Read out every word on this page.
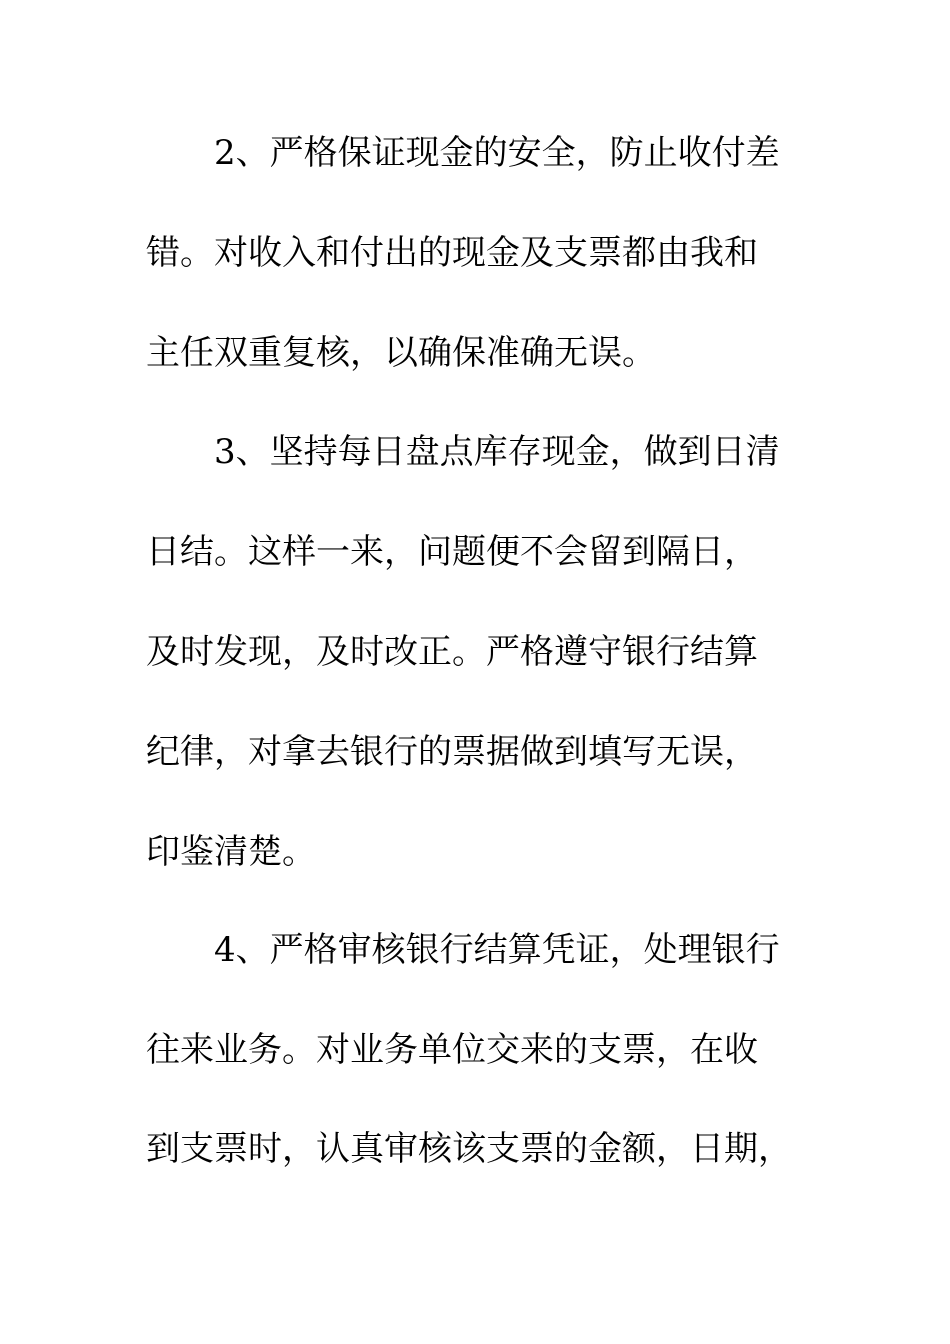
2、严格保证现金的安全，防止收付差
错。对收入和付出的现金及支票都由我和
主任双重复核，以确保准确无误。
3、坚持每日盘点库存现金，做到日清
日结。这样一来，问题便不会留到隔日，
及时发现，及时改正。严格遵守银行结算
纪律，对拿去银行的票据做到填写无误，
印鉴清楚。
4、严格审核银行结算凭证，处理银行
往来业务。对业务单位交来的支票，在收
到支票时，认真审核该支票的金额，日期，
